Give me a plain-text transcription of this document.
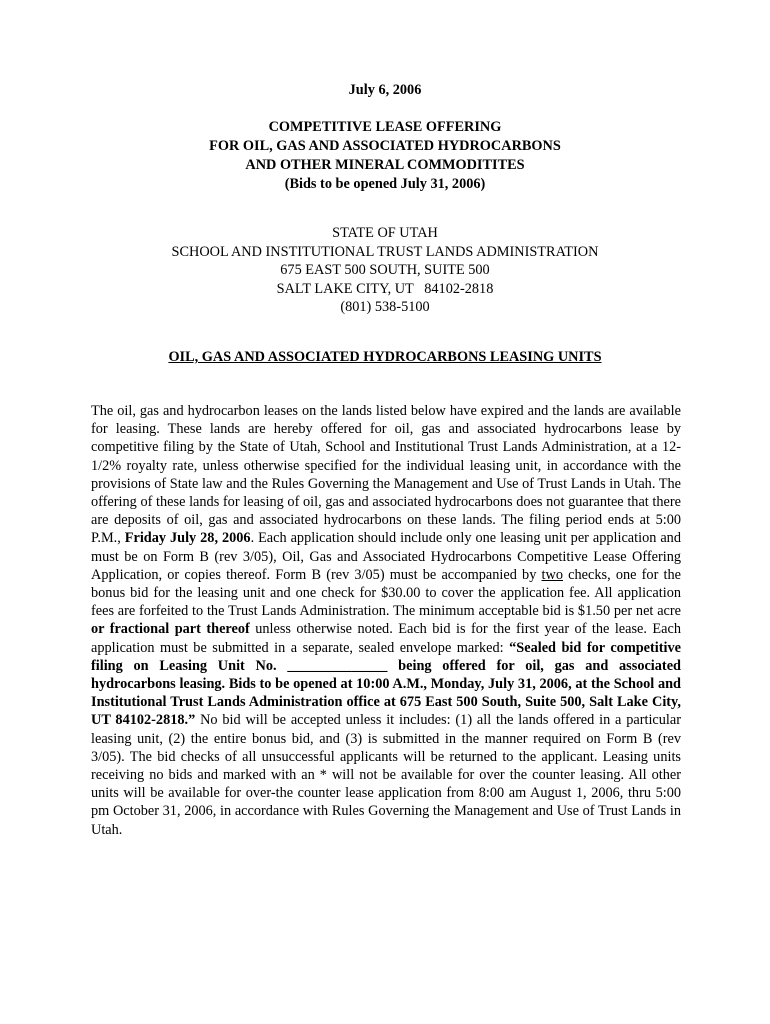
July 6, 2006
COMPETITIVE LEASE OFFERING
FOR OIL, GAS AND ASSOCIATED HYDROCARBONS
AND OTHER MINERAL COMMODITITES
(Bids to be opened July 31, 2006)
STATE OF UTAH
SCHOOL AND INSTITUTIONAL TRUST LANDS ADMINISTRATION
675 EAST 500 SOUTH, SUITE 500
SALT LAKE CITY, UT   84102-2818
(801) 538-5100
OIL, GAS AND ASSOCIATED HYDROCARBONS LEASING UNITS
The oil, gas and hydrocarbon leases on the lands listed below have expired and the lands are available for leasing. These lands are hereby offered for oil, gas and associated hydrocarbons lease by competitive filing by the State of Utah, School and Institutional Trust Lands Administration, at a 12-1/2% royalty rate, unless otherwise specified for the individual leasing unit, in accordance with the provisions of State law and the Rules Governing the Management and Use of Trust Lands in Utah. The offering of these lands for leasing of oil, gas and associated hydrocarbons does not guarantee that there are deposits of oil, gas and associated hydrocarbons on these lands. The filing period ends at 5:00 P.M., Friday July 28, 2006. Each application should include only one leasing unit per application and must be on Form B (rev 3/05), Oil, Gas and Associated Hydrocarbons Competitive Lease Offering Application, or copies thereof. Form B (rev 3/05) must be accompanied by two checks, one for the bonus bid for the leasing unit and one check for $30.00 to cover the application fee. All application fees are forfeited to the Trust Lands Administration. The minimum acceptable bid is $1.50 per net acre or fractional part thereof unless otherwise noted. Each bid is for the first year of the lease. Each application must be submitted in a separate, sealed envelope marked: “Sealed bid for competitive filing on Leasing Unit No. ______________ being offered for oil, gas and associated hydrocarbons leasing. Bids to be opened at 10:00 A.M., Monday, July 31, 2006, at the School and Institutional Trust Lands Administration office at 675 East 500 South, Suite 500, Salt Lake City, UT 84102-2818.” No bid will be accepted unless it includes: (1) all the lands offered in a particular leasing unit, (2) the entire bonus bid, and (3) is submitted in the manner required on Form B (rev 3/05). The bid checks of all unsuccessful applicants will be returned to the applicant. Leasing units receiving no bids and marked with an * will not be available for over the counter leasing. All other units will be available for over-the counter lease application from 8:00 am August 1, 2006, thru 5:00 pm October 31, 2006, in accordance with Rules Governing the Management and Use of Trust Lands in Utah.
